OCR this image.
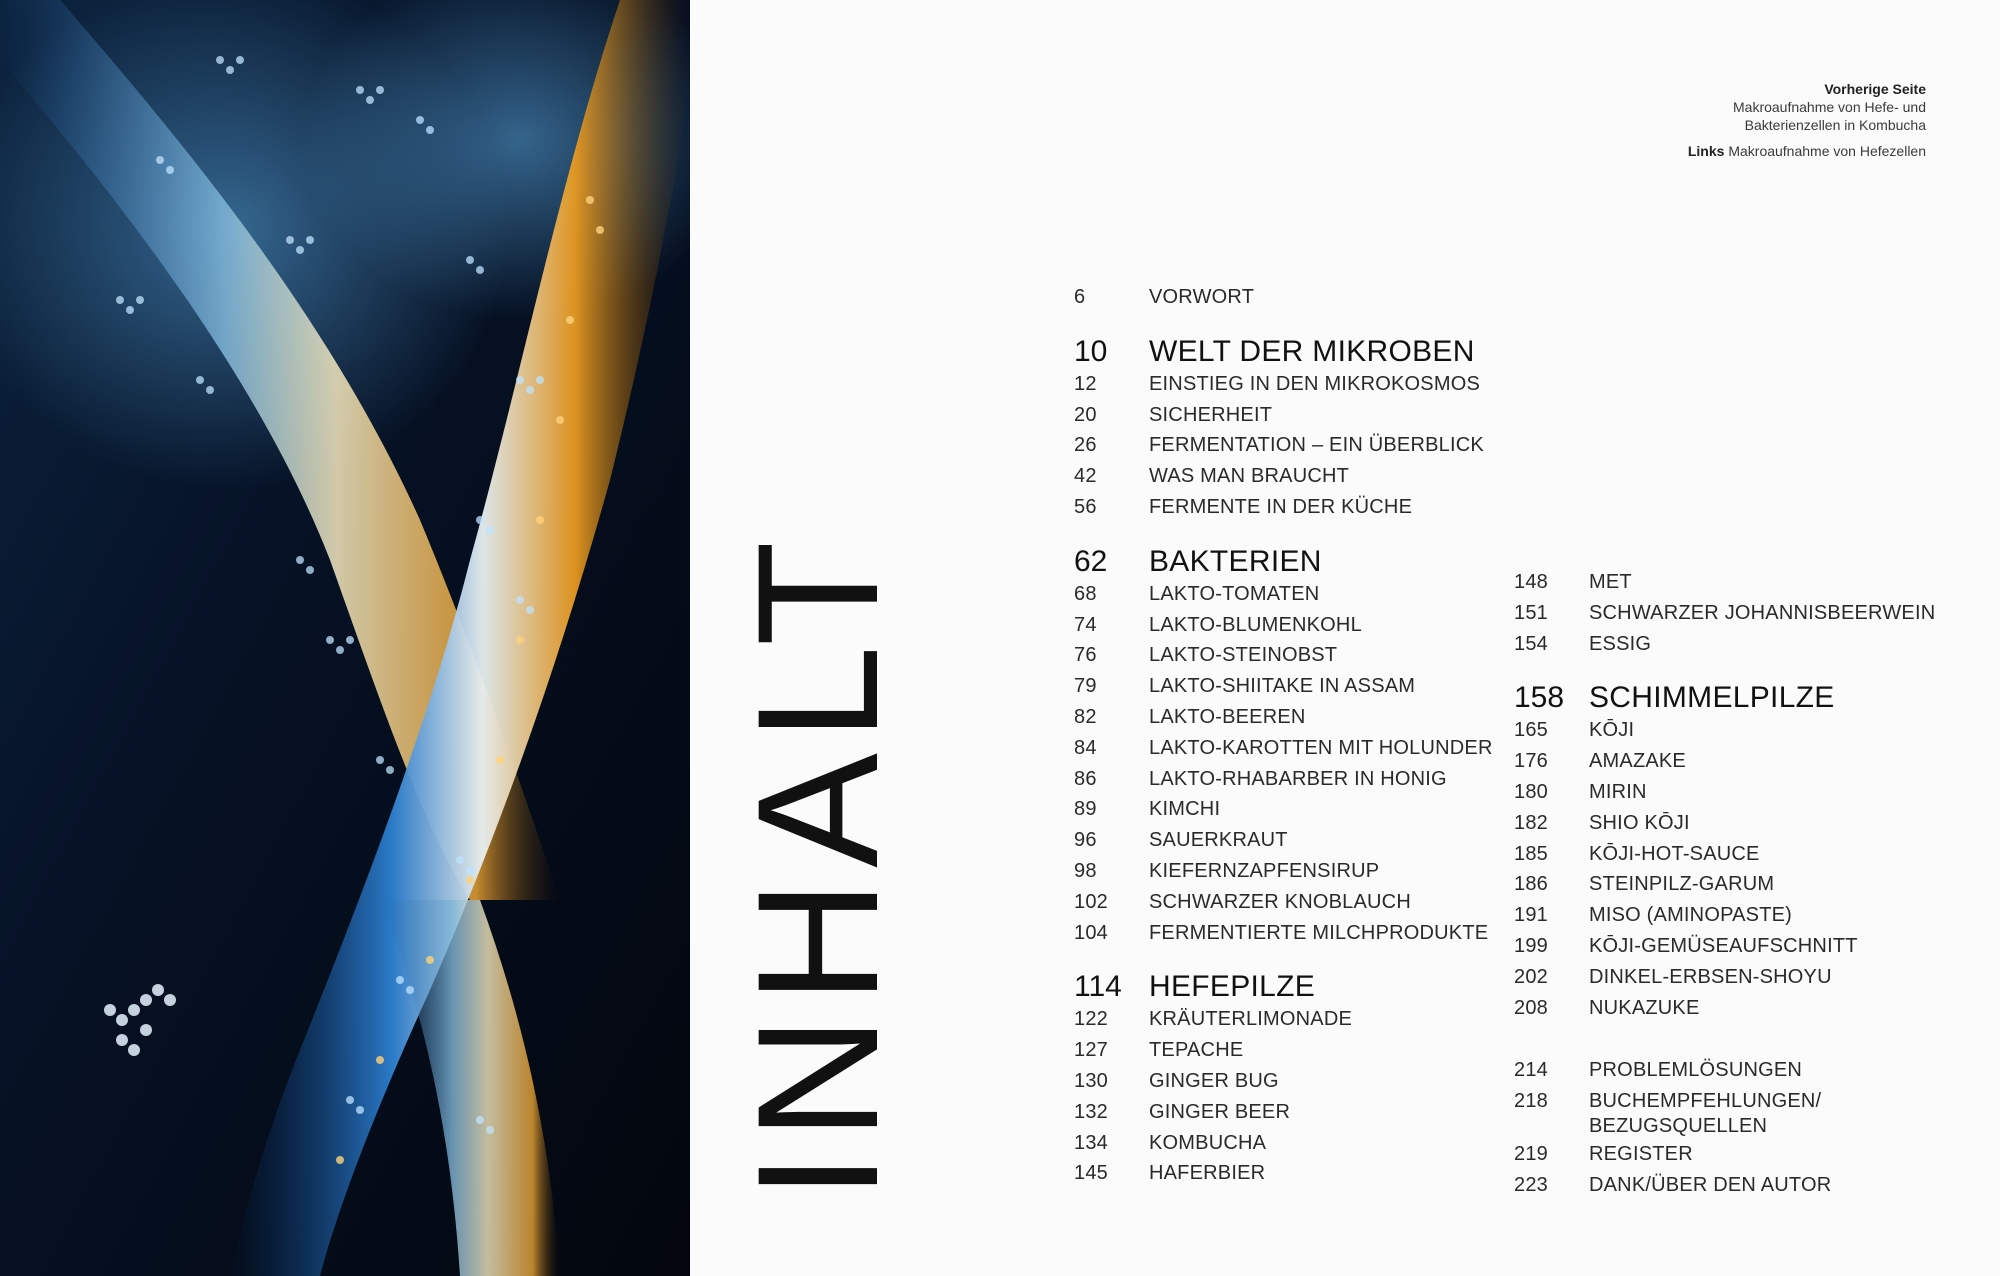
Vorherige Seite
Makroaufnahme von Hefe- und
Bakterienzellen in Kombucha
Links Makroaufnahme von Hefezellen
INHALT
6	VORWORT
10	WELT DER MIKROBEN
12	EINSTIEG IN DEN MIKROKOSMOS
20	SICHERHEIT
26	FERMENTATION – EIN ÜBERBLICK
42	WAS MAN BRAUCHT
56	FERMENTE IN DER KÜCHE
62	BAKTERIEN
68	LAKTO-TOMATEN
74	LAKTO-BLUMENKOHL
76	LAKTO-STEINOBST
79	LAKTO-SHIITAKE IN ASSAM
82	LAKTO-BEEREN
84	LAKTO-KAROTTEN MIT HOLUNDER
86	LAKTO-RHABARBER IN HONIG
89	KIMCHI
96	SAUERKRAUT
98	KIEFERNZAPFENSIRUP
102	SCHWARZER KNOBLAUCH
104	FERMENTIERTE MILCHPRODUKTE
114 HEFEPILZE
122	KRÄUTERLIMONADE
127	TEPACHE
130	GINGER BUG
132	GINGER BEER
134	KOMBUCHA
145	HAFERBIER
148	MET
151	SCHWARZER JOHANNISBEERWEIN
154	ESSIG
158 SCHIMMELPILZE
165	KŌJI
176	AMAZAKE
180	MIRIN
182	SHIO KŌJI
185	KŌJI-HOT-SAUCE
186	STEINPILZ-GARUM
191	MISO (AMINOPASTE)
199	KŌJI-GEMÜSEAUFSCHNITT
202	DINKEL-ERBSEN-SHOYU
208	NUKAZUKE
214	PROBLEMLÖSUNGEN
218	BUCHEMPFEHLUNGEN/
BEZUGSQUELLEN
219	REGISTER
223	DANK/ÜBER DEN AUTOR
